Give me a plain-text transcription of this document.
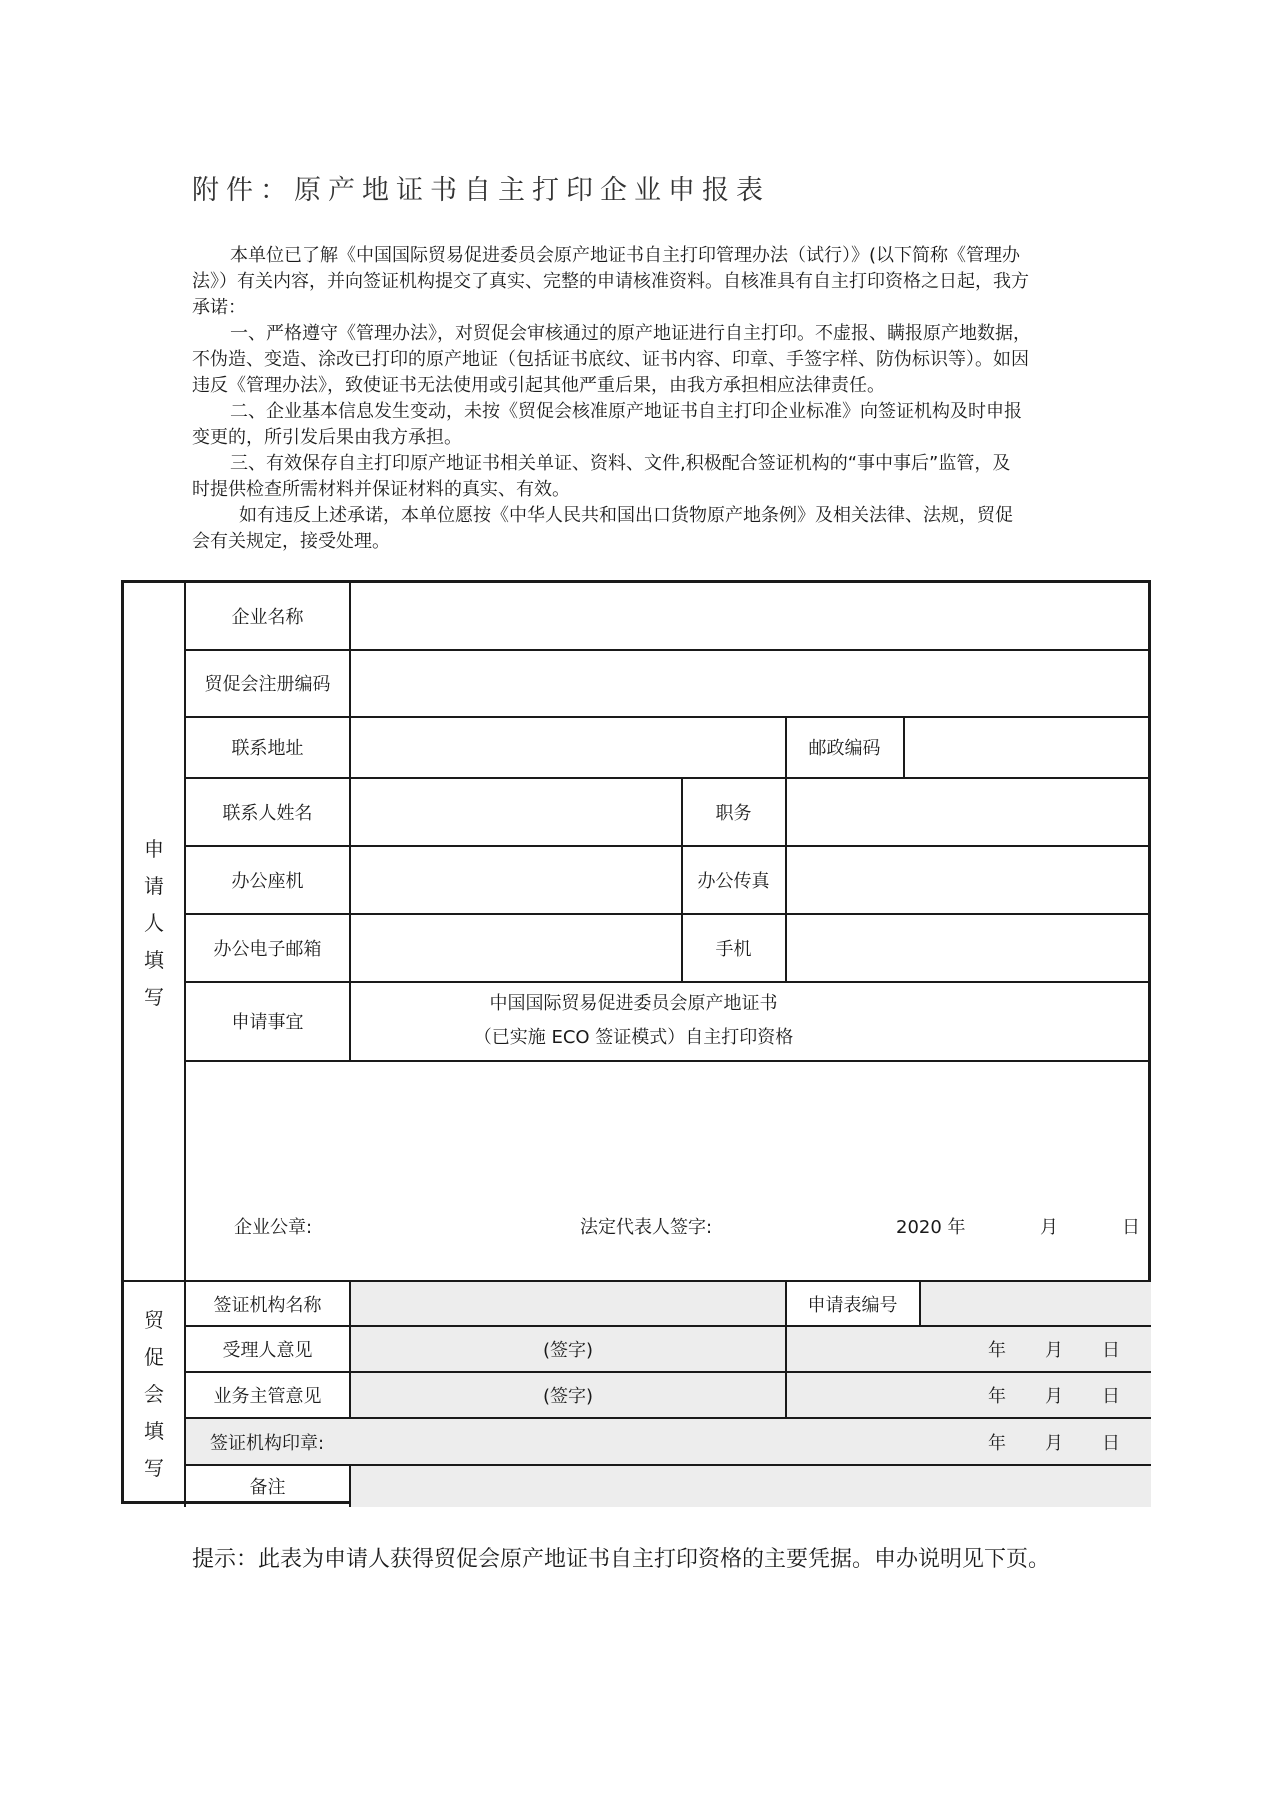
附件：原产地证书自主打印企业申报表
本单位已了解《中国国际贸易促进委员会原产地证书自主打印管理办法（试行）》(以下简称《管理办
法》）有关内容，并向签证机构提交了真实、完整的申请核准资料。自核准具有自主打印资格之日起，我方
承诺：
一、严格遵守《管理办法》，对贸促会审核通过的原产地证进行自主打印。不虚报、瞒报原产地数据，
不伪造、变造、涂改已打印的原产地证（包括证书底纹、证书内容、印章、手签字样、防伪标识等）。如因
违反《管理办法》，致使证书无法使用或引起其他严重后果，由我方承担相应法律责任。
二、企业基本信息发生变动，未按《贸促会核准原产地证书自主打印企业标准》向签证机构及时申报
变更的，所引发后果由我方承担。
三、有效保存自主打印原产地证书相关单证、资料、文件,积极配合签证机构的“事中事后”监管，及
时提供检查所需材料并保证材料的真实、有效。
如有违反上述承诺，本单位愿按《中华人民共和国出口货物原产地条例》及相关法律、法规，贸促
会有关规定，接受处理。
申
请
人
填
写
贸
促
会
填
写
企业名称
贸促会注册编码
联系地址	邮政编码
联系人姓名	职务
办公座机	办公传真
办公电子邮箱	手机
申请事宜
中国国际贸易促进委员会原产地证书
（已实施 ECO 签证模式）自主打印资格
企业公章:	法定代表人签字:	2020 年	月	日
签证机构名称	申请表编号
受理人意见	(签字)	年	月	日
业务主管意见	(签字)	年	月	日
签证机构印章:	年	月	日
备注
提示：此表为申请人获得贸促会原产地证书自主打印资格的主要凭据。申办说明见下页。
